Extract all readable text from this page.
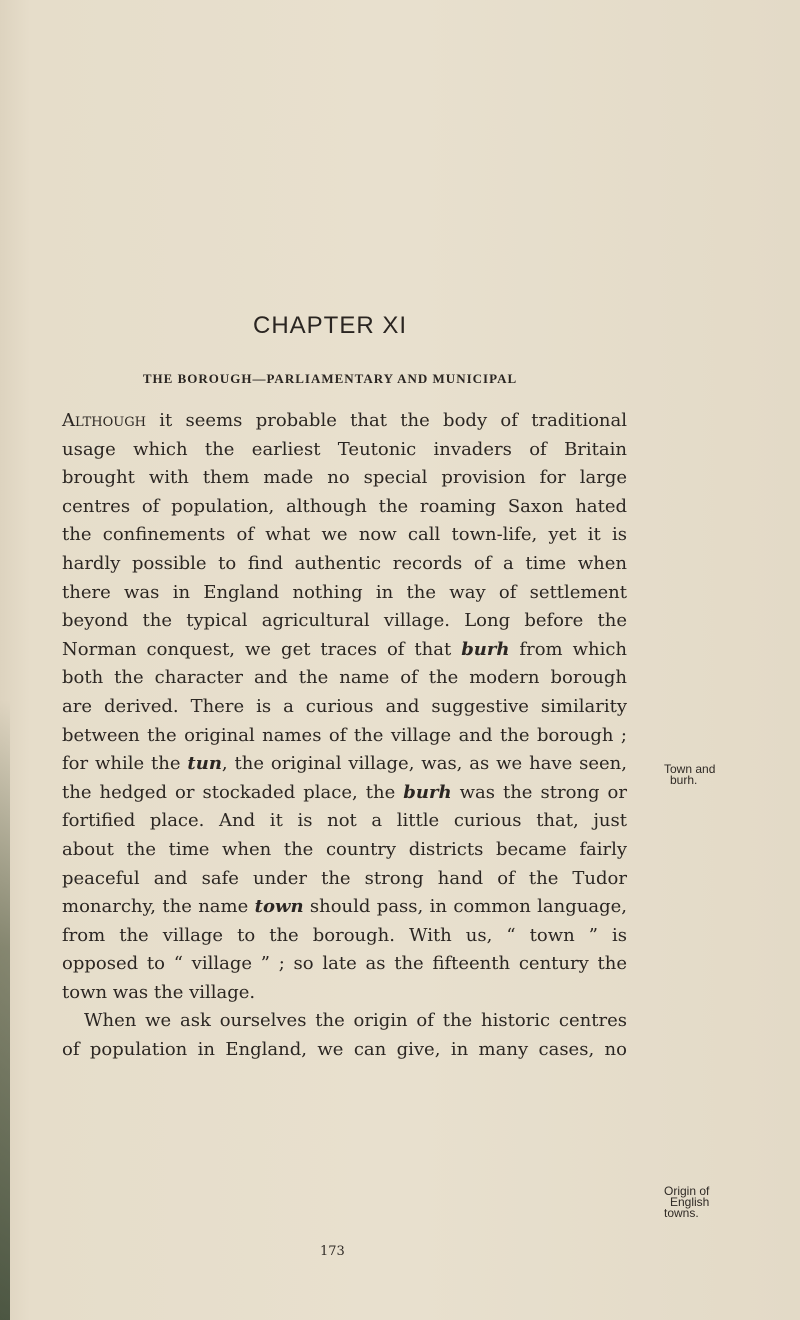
CHAPTER XI
THE BOROUGH—PARLIAMENTARY AND MUNICIPAL
Although it seems probable that the body of traditional
usage which the earliest Teutonic invaders of Britain
brought with them made no special provision for large
centres of population, although the roaming Saxon hated
the confinements of what we now call town-life, yet it is
hardly possible to find authentic records of a time when
there was in England nothing in the way of settlement
beyond the typical agricultural village. Long before the
Norman conquest, we get traces of that burh from which
both the character and the name of the modern borough
are derived. There is a curious and suggestive similarity
between the original names of the village and the borough ;
for while the tun, the original village, was, as we have seen,
the hedged or stockaded place, the burh was the strong or
fortified place. And it is not a little curious that, just
about the time when the country districts became fairly
peaceful and safe under the strong hand of the Tudor
monarchy, the name town should pass, in common language,
from the village to the borough. With us, “ town ” is
opposed to “ village ” ; so late as the fifteenth century the
town was the village.
When we ask ourselves the origin of the historic centres
of population in England, we can give, in many cases, no
Town and
burh.
Origin of
English
towns.
173
